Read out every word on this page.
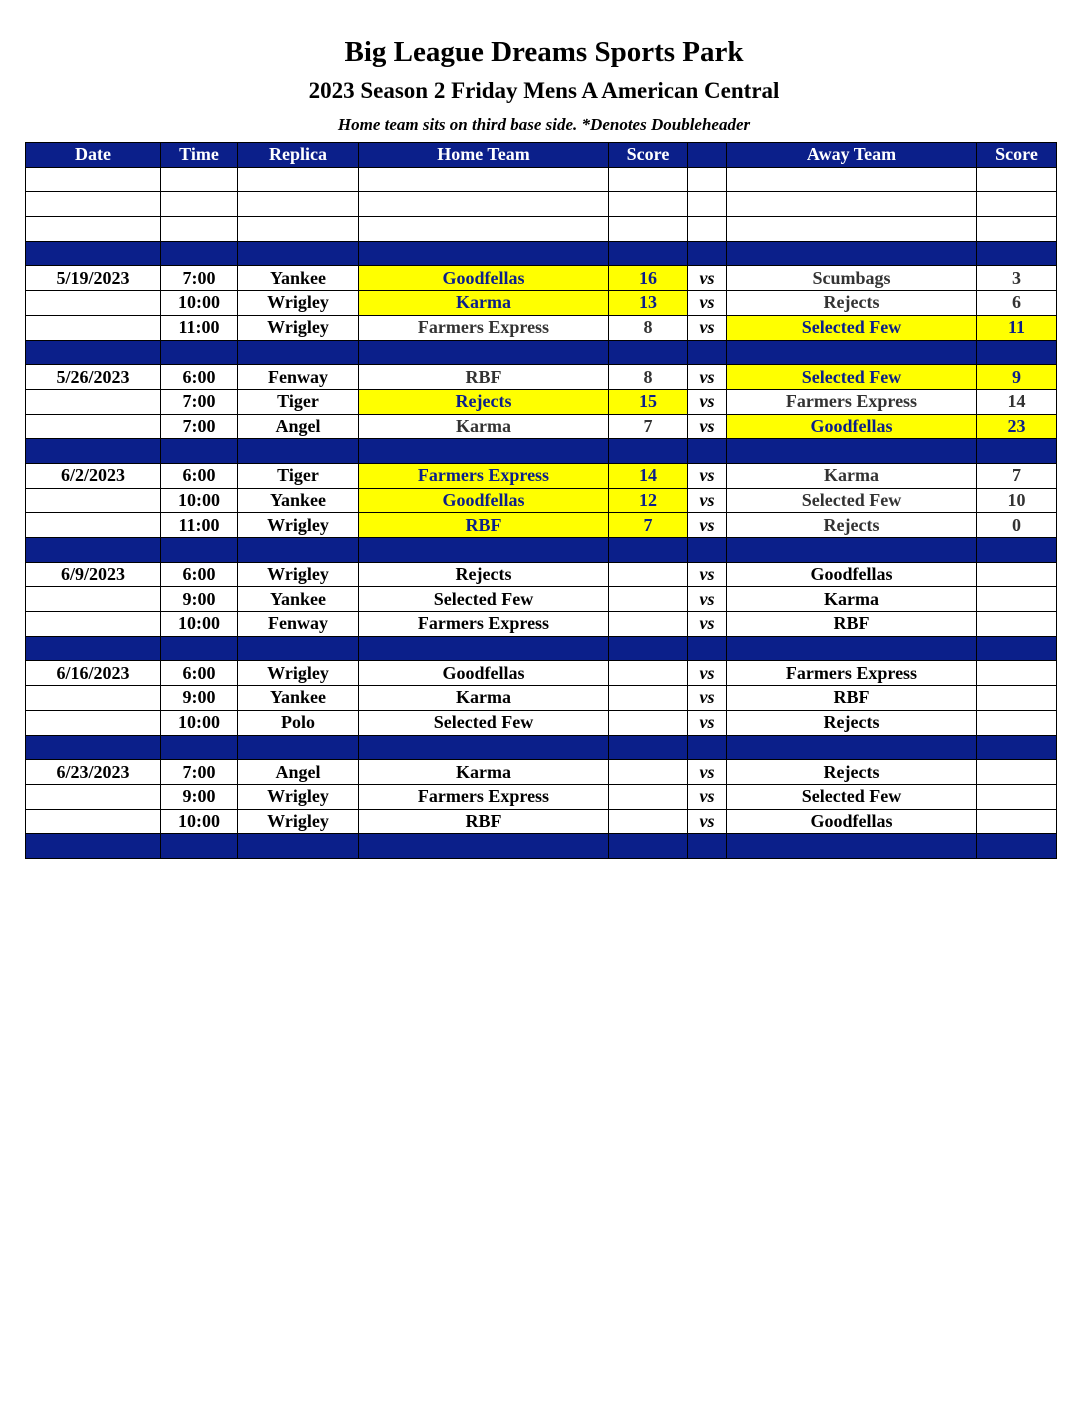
Big League Dreams Sports Park
2023 Season 2 Friday Mens A American Central
Home team sits on third base side. *Denotes Doubleheader
Date	Time	Replica	Home Team	Score		Away Team	Score

5/19/2023	7:00	Yankee	Goodfellas	16	vs	Scumbags	3
	10:00	Wrigley	Karma	13	vs	Rejects	6
	11:00	Wrigley	Farmers Express	8	vs	Selected Few	11

5/26/2023	6:00	Fenway	RBF	8	vs	Selected Few	9
	7:00	Tiger	Rejects	15	vs	Farmers Express	14
	7:00	Angel	Karma	7	vs	Goodfellas	23

6/2/2023	6:00	Tiger	Farmers Express	14	vs	Karma	7
	10:00	Yankee	Goodfellas	12	vs	Selected Few	10
	11:00	Wrigley	RBF	7	vs	Rejects	0

6/9/2023	6:00	Wrigley	Rejects		vs	Goodfellas	
	9:00	Yankee	Selected Few		vs	Karma	
	10:00	Fenway	Farmers Express		vs	RBF	

6/16/2023	6:00	Wrigley	Goodfellas		vs	Farmers Express	
	9:00	Yankee	Karma		vs	RBF	
	10:00	Polo	Selected Few		vs	Rejects	

6/23/2023	7:00	Angel	Karma		vs	Rejects	
	9:00	Wrigley	Farmers Express		vs	Selected Few	
	10:00	Wrigley	RBF		vs	Goodfellas	
